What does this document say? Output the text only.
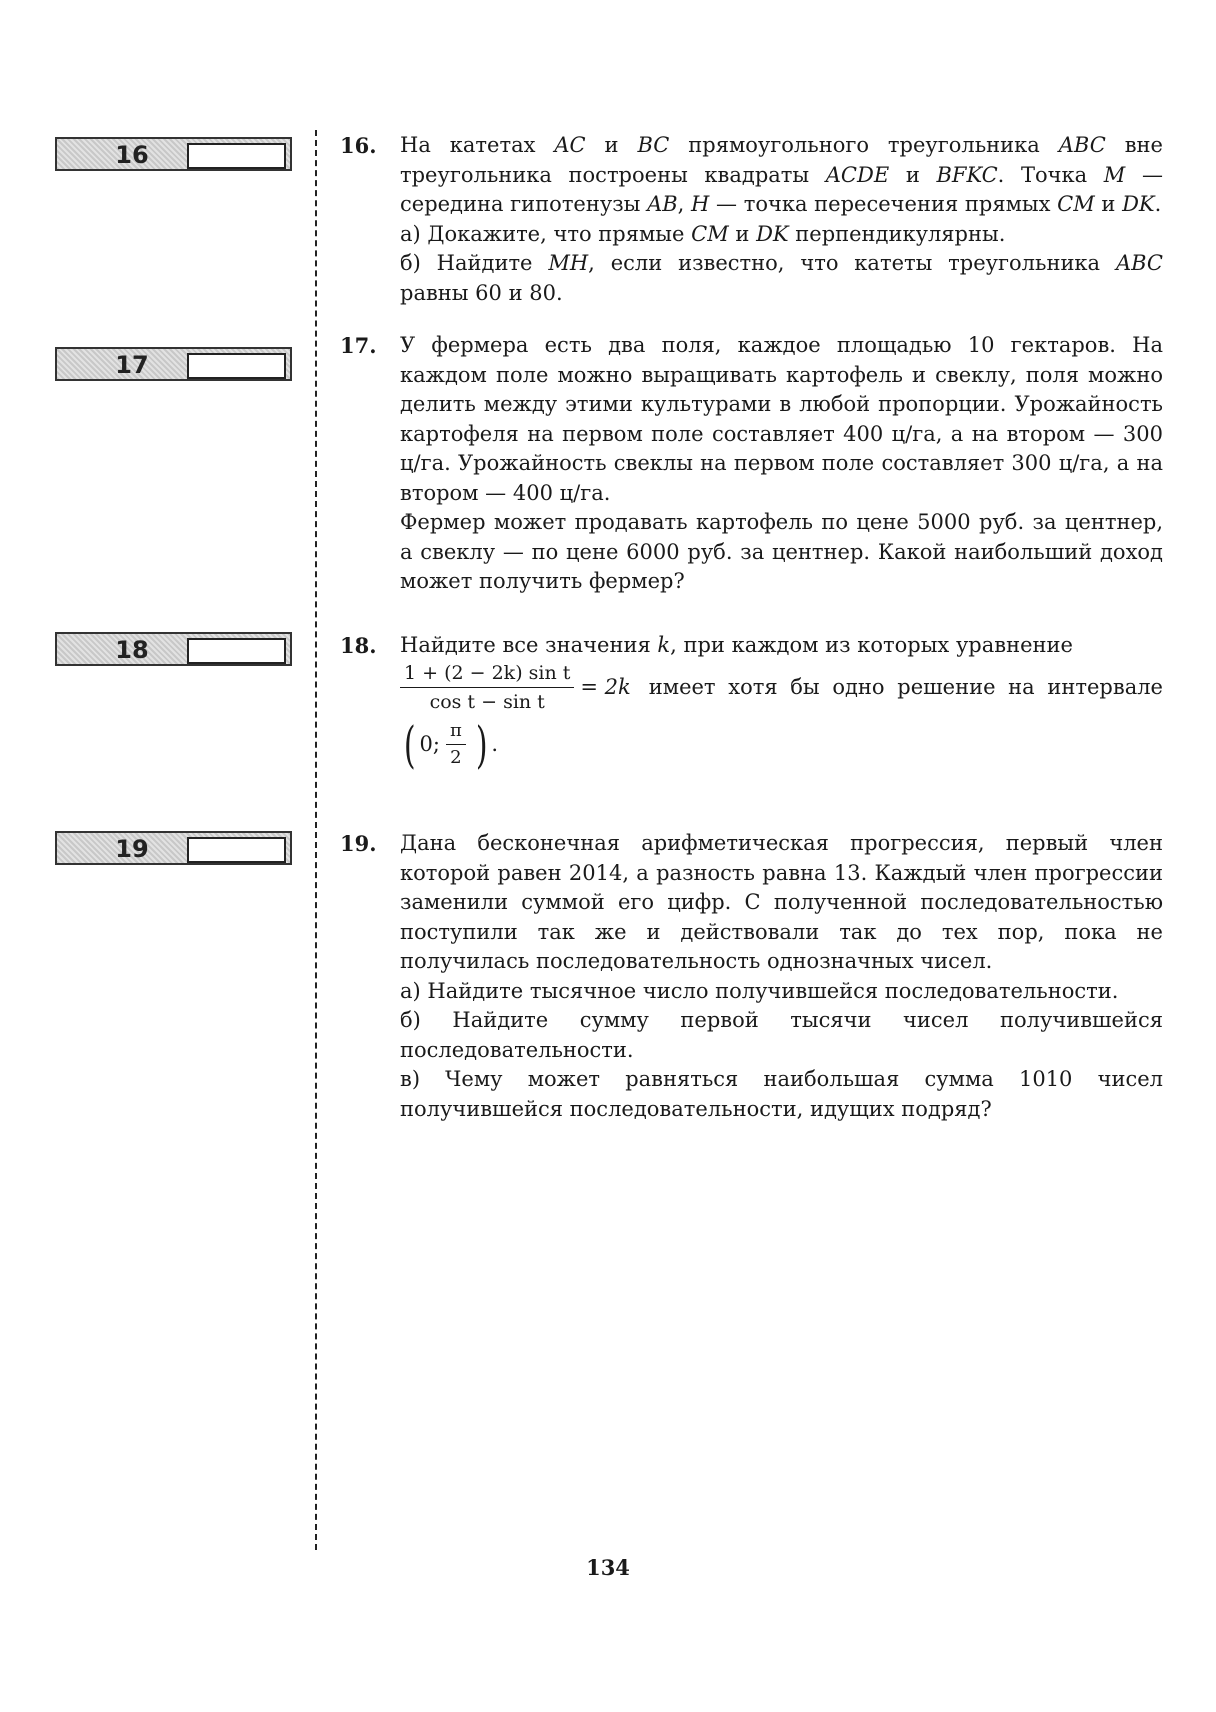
16
17
18
19
16. На катетах AC и BC прямоугольного треугольника ABC вне треугольника построены квадраты ACDE и BFKC. Точка M — середина гипотенузы AB, H — точка пересечения прямых CM и DK.

а) Докажите, что прямые CM и DK перпендикулярны.

б) Найдите MH, если известно, что катеты треугольника ABC равны 60 и 80.

17. У фермера есть два поля, каждое площадью 10 гектаров. На каждом поле можно выращивать картофель и свеклу, поля можно делить между этими культурами в любой пропорции. Урожайность картофеля на первом поле составляет 400 ц/га, а на втором — 300 ц/га. Урожайность свеклы на первом поле составляет 300 ц/га, а на втором — 400 ц/га.

Фермер может продавать картофель по цене 5000 руб. за центнер, а свеклу — по цене 6000 руб. за центнер. Какой наибольший доход может получить фермер?

18. Найдите все значения k, при каждом из которых уравнение

$\frac{\text{1 + (2 − 2k) sin t}}{\text{cos t − sin t}} = 2k$ имеет хотя бы одно решение на интервале
( 0; $\frac{\pi}{2}$ ) .
19. Дана бесконечная арифметическая прогрессия, первый член которой равен 2014, а разность равна 13. Каждый член прогрессии заменили суммой его цифр. С полученной последовательностью поступили так же и действовали так до тех пор, пока не получилась последовательность однозначных чисел.

а) Найдите тысячное число получившейся последовательности.

б) Найдите сумму первой тысячи чисел получившейся последовательности.

в) Чему может равняться наибольшая сумма 1010 чисел получившейся последовательности, идущих подряд?

134
